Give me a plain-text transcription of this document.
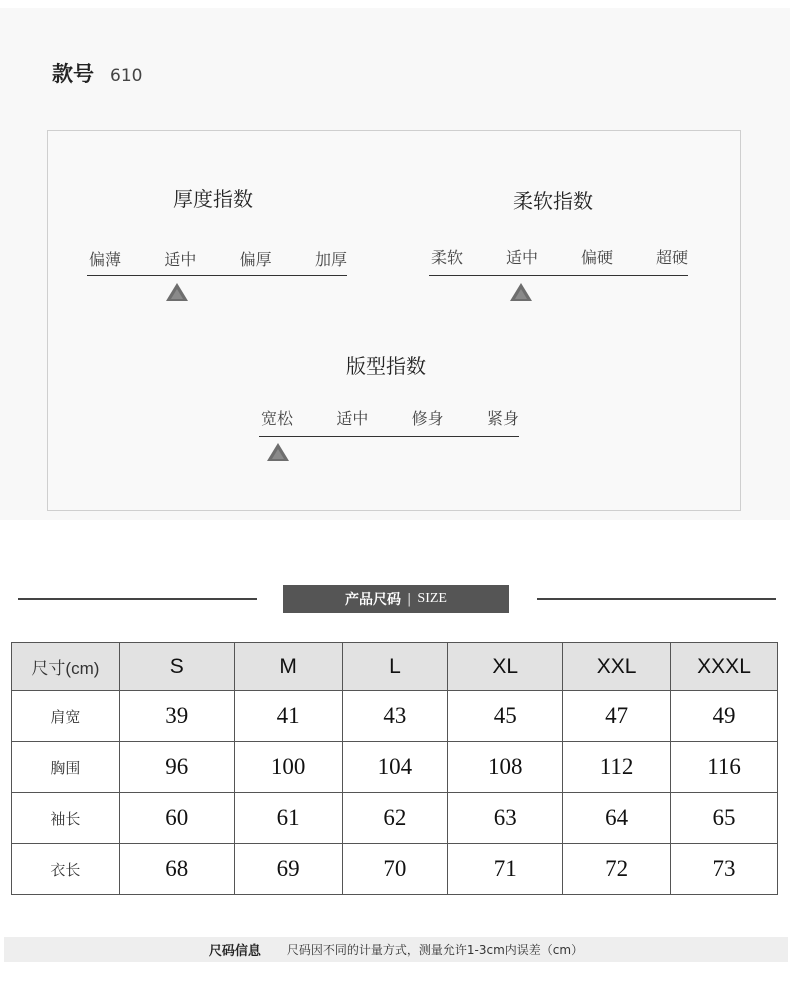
款号 610
厚度指数
偏薄	适中	偏厚	加厚
柔软指数
柔软	适中	偏硬	超硬
版型指数
宽松	适中	修身	紧身
产品尺码 | SIZE
尺寸(cm)	S	M	L	XL	XXL	XXXL
肩宽	39	41	43	45	47	49
胸围	96	100	104	108	112	116
袖长	60	61	62	63	64	65
衣长	68	69	70	71	72	73
尺码信息 尺码因不同的计量方式，测量允许1-3cm内误差（cm）
